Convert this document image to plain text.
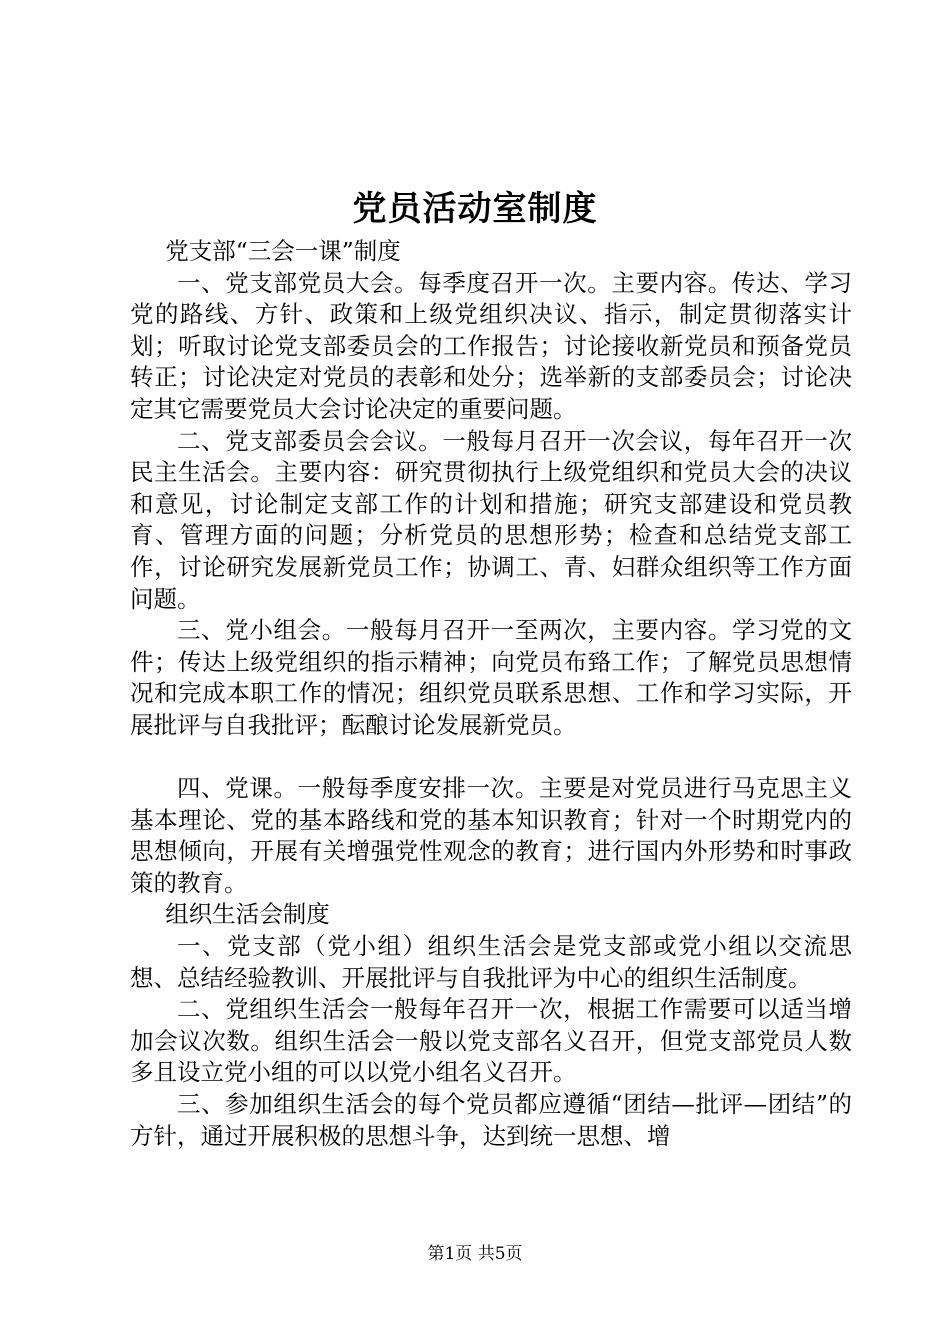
党员活动室制度

党支部“三会一课”制度

一、党支部党员大会。每季度召开一次。主要内容。传达、学习党的路线、方针、政策和上级党组织决议、指示，制定贯彻落实计划；听取讨论党支部委员会的工作报告；讨论接收新党员和预备党员转正；讨论决定对党员的表彰和处分；选举新的支部委员会；讨论决定其它需要党员大会讨论决定的重要问题。

二、党支部委员会会议。一般每月召开一次会议，每年召开一次民主生活会。主要内容：研究贯彻执行上级党组织和党员大会的决议和意见，讨论制定支部工作的计划和措施；研究支部建设和党员教育、管理方面的问题；分析党员的思想形势；检查和总结党支部工作，讨论研究发展新党员工作；协调工、青、妇群众组织等工作方面问题。

三、党小组会。一般每月召开一至两次，主要内容。学习党的文件；传达上级党组织的指示精神；向党员布臵工作；了解党员思想情况和完成本职工作的情况；组织党员联系思想、工作和学习实际，开展批评与自我批评；酝酿讨论发展新党员。

四、党课。一般每季度安排一次。主要是对党员进行马克思主义基本理论、党的基本路线和党的基本知识教育；针对一个时期党内的思想倾向，开展有关增强党性观念的教育；进行国内外形势和时事政策的教育。

组织生活会制度

一、党支部（党小组）组织生活会是党支部或党小组以交流思想、总结经验教训、开展批评与自我批评为中心的组织生活制度。

二、党组织生活会一般每年召开一次，根据工作需要可以适当增加会议次数。组织生活会一般以党支部名义召开，但党支部党员人数多且设立党小组的可以以党小组名义召开。

三、参加组织生活会的每个党员都应遵循“团结—批评—团结”的方针，通过开展积极的思想斗争，达到统一思想、增

第1页 共5页
